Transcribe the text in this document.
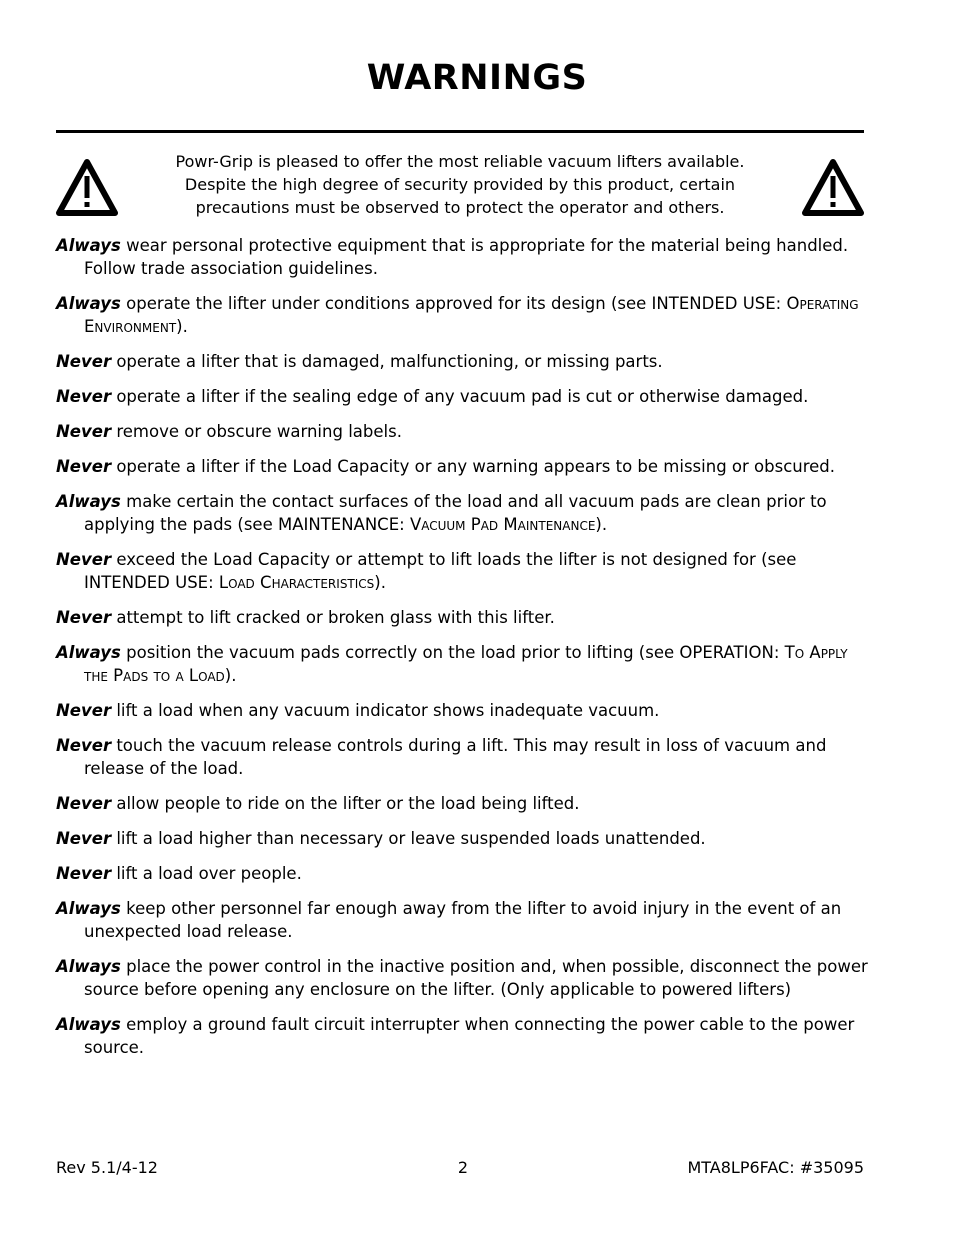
WARNINGS
Powr-Grip is pleased to offer the most reliable vacuum lifters available.
Despite the high degree of security provided by this product, certain
precautions must be observed to protect the operator and others.

Always wear personal protective equipment that is appropriate for the material being handled. Follow trade association guidelines.

Always operate the lifter under conditions approved for its design (see INTENDED USE: Operating Environment).

Never operate a lifter that is damaged, malfunctioning, or missing parts.

Never operate a lifter if the sealing edge of any vacuum pad is cut or otherwise damaged.

Never remove or obscure warning labels.

Never operate a lifter if the Load Capacity or any warning appears to be missing or obscured.

Always make certain the contact surfaces of the load and all vacuum pads are clean prior to applying the pads (see MAINTENANCE: Vacuum Pad Maintenance).

Never exceed the Load Capacity or attempt to lift loads the lifter is not designed for (see INTENDED USE: Load Characteristics).

Never attempt to lift cracked or broken glass with this lifter.

Always position the vacuum pads correctly on the load prior to lifting (see OPERATION: To Apply the Pads to a Load).

Never lift a load when any vacuum indicator shows inadequate vacuum.

Never touch the vacuum release controls during a lift. This may result in loss of vacuum and release of the load.

Never allow people to ride on the lifter or the load being lifted.

Never lift a load higher than necessary or leave suspended loads unattended.

Never lift a load over people.

Always keep other personnel far enough away from the lifter to avoid injury in the event of an unexpected load release.

Always place the power control in the inactive position and, when possible, disconnect the power source before opening any enclosure on the lifter. (Only applicable to powered lifters)

Always employ a ground fault circuit interrupter when connecting the power cable to the power source.

Rev 5.1/4-12	2	MTA8LP6FAC: #35095
